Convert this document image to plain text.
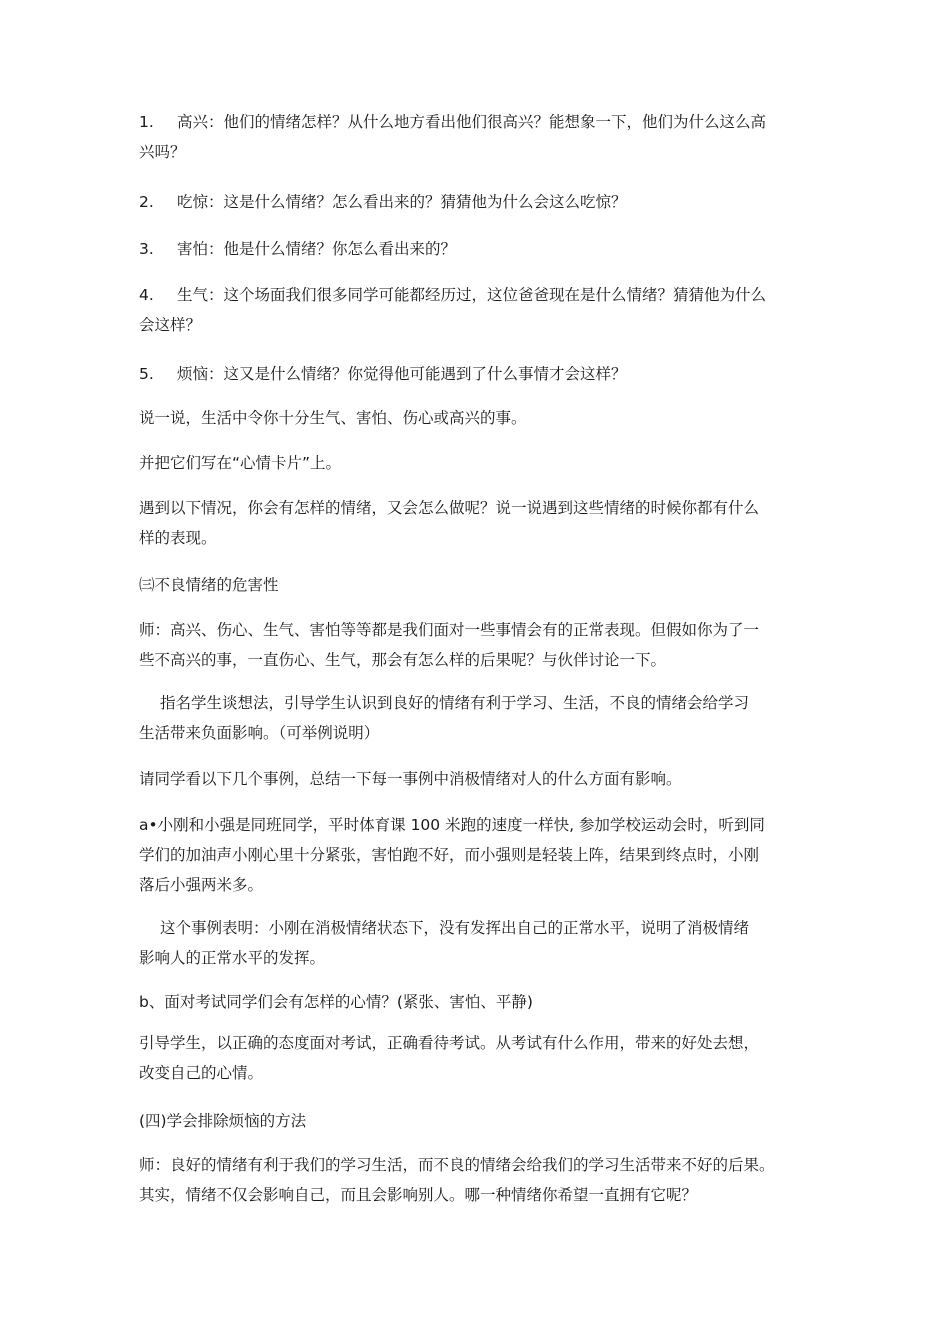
1. 高兴：他们的情绪怎样？从什么地方看出他们很高兴？能想象一下，他们为什么这么高
兴吗？

2. 吃惊：这是什么情绪？怎么看出来的？猜猜他为什么会这么吃惊？

3. 害怕：他是什么情绪？你怎么看出来的？

4. 生气：这个场面我们很多同学可能都经历过，这位爸爸现在是什么情绪？猜猜他为什么
会这样？

5. 烦恼：这又是什么情绪？你觉得他可能遇到了什么事情才会这样？

说一说，生活中令你十分生气、害怕、伤心或高兴的事。

并把它们写在“心情卡片”上。

遇到以下情况，你会有怎样的情绪，又会怎么做呢？说一说遇到这些情绪的时候你都有什么
样的表现。

㈢不良情绪的危害性

师：高兴、伤心、生气、害怕等等都是我们面对一些事情会有的正常表现。但假如你为了一
些不高兴的事，一直伤心、生气，那会有怎么样的后果呢？与伙伴讨论一下。

指名学生谈想法，引导学生认识到良好的情绪有利于学习、生活，不良的情绪会给学习
生活带来负面影响。（可举例说明）

请同学看以下几个事例，总结一下每一事例中消极情绪对人的什么方面有影响。

a•小刚和小强是同班同学，平时体育课 100 米跑的速度一样快, 参加学校运动会时，听到同
学们的加油声小刚心里十分紧张，害怕跑不好，而小强则是轻装上阵，结果到终点时，小刚
落后小强两米多。

这个事例表明：小刚在消极情绪状态下，没有发挥出自己的正常水平，说明了消极情绪
影响人的正常水平的发挥。

b、面对考试同学们会有怎样的心情？(紧张、害怕、平静)

引导学生，以正确的态度面对考试，正确看待考试。从考试有什么作用，带来的好处去想，
改变自己的心情。

(四)学会排除烦恼的方法

师：良好的情绪有利于我们的学习生活，而不良的情绪会给我们的学习生活带来不好的后果。
其实，情绪不仅会影响自己，而且会影响别人。哪一种情绪你希望一直拥有它呢？
